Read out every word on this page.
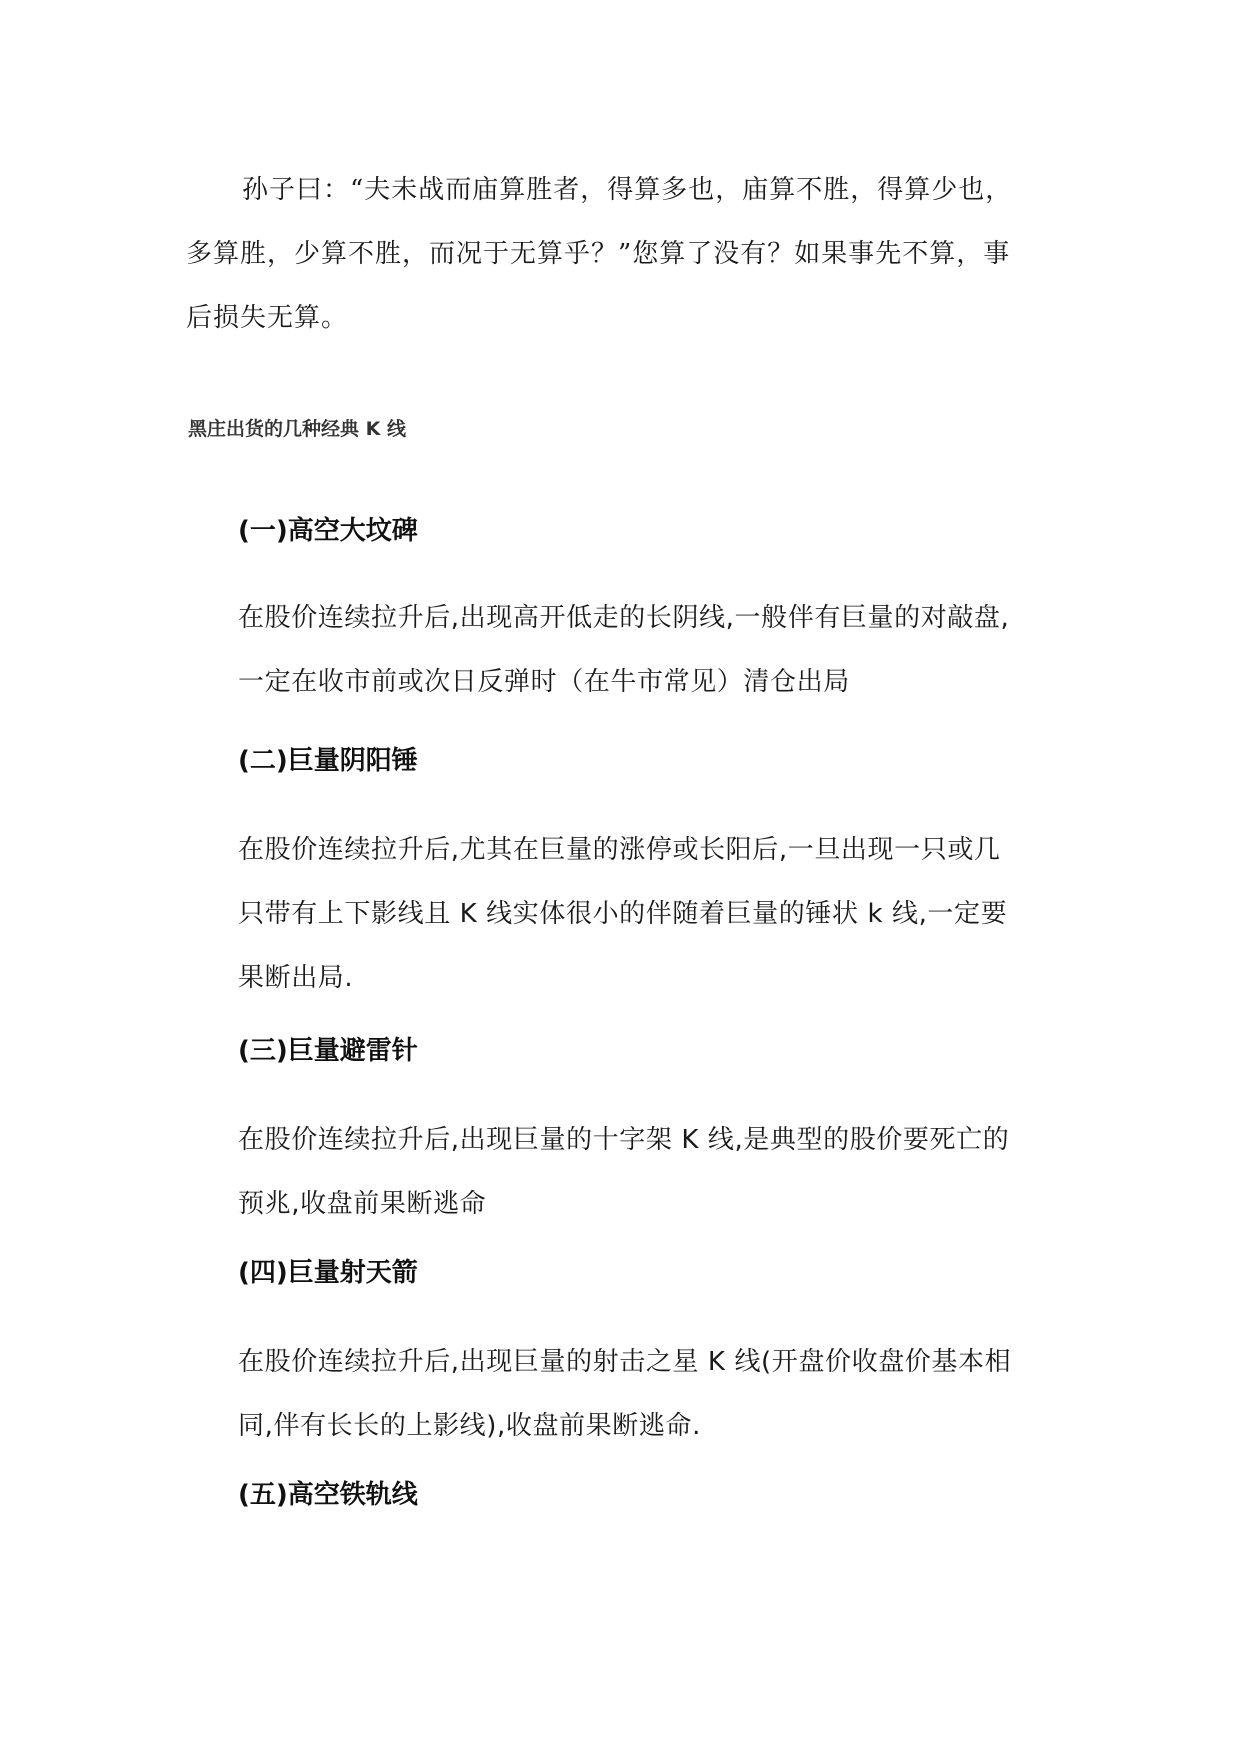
孙子曰：“夫未战而庙算胜者，得算多也，庙算不胜，得算少也，
多算胜，少算不胜，而况于无算乎？”您算了没有？如果事先不算，事
后损失无算。

黑庄出货的几种经典 K 线
(一)高空大坟碑

在股价连续拉升后,出现高开低走的长阴线,一般伴有巨量的对敲盘,
一定在收市前或次日反弹时（在牛市常见）清仓出局

(二)巨量阴阳锤

在股价连续拉升后,尤其在巨量的涨停或长阳后,一旦出现一只或几
只带有上下影线且 K 线实体很小的伴随着巨量的锤状 k 线,一定要
果断出局.

(三)巨量避雷针

在股价连续拉升后,出现巨量的十字架 K 线,是典型的股价要死亡的
预兆,收盘前果断逃命

(四)巨量射天箭

在股价连续拉升后,出现巨量的射击之星 K 线(开盘价收盘价基本相
同,伴有长长的上影线),收盘前果断逃命.

(五)高空铁轨线
